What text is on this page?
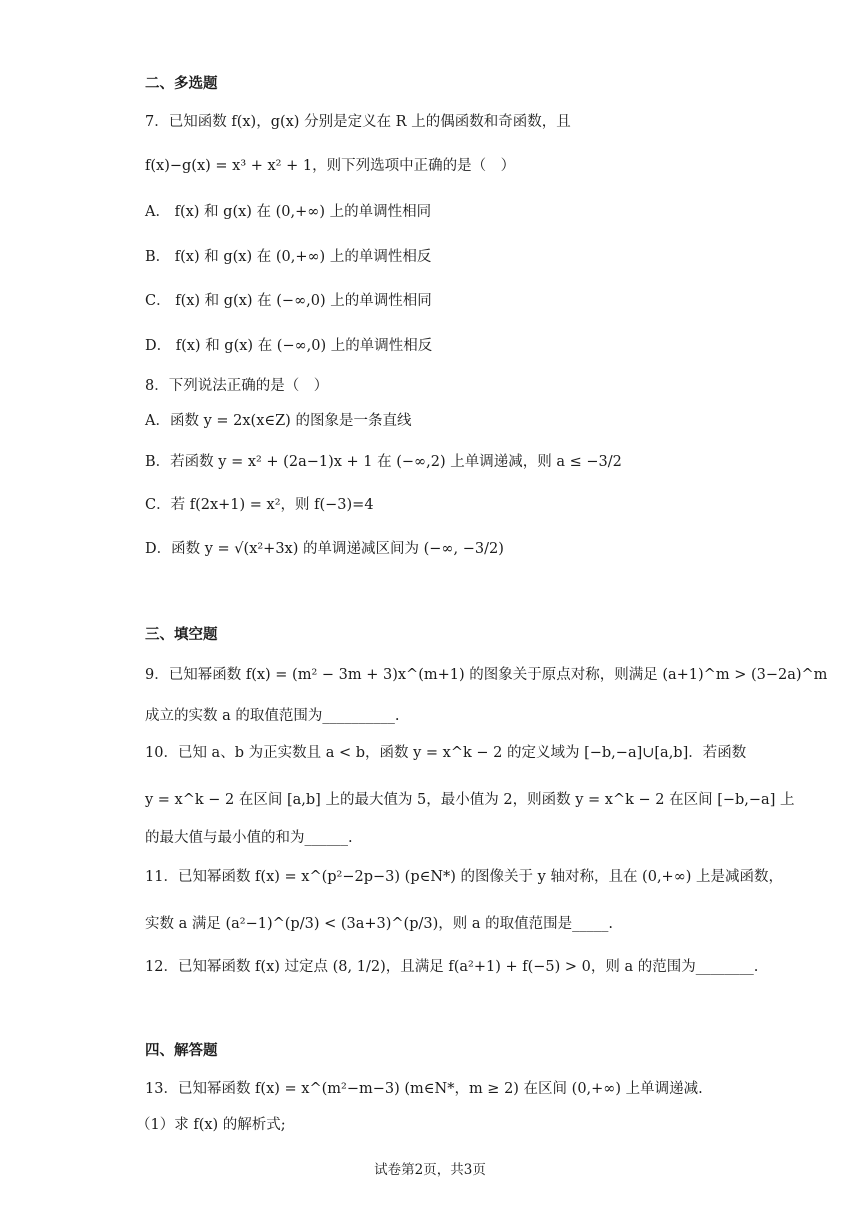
二、多选题
7．已知函数 f(x)，g(x) 分别是定义在 R 上的偶函数和奇函数，且
f(x)−g(x) = x³ + x² + 1，则下列选项中正确的是（　）
A． f(x) 和 g(x) 在 (0,+∞) 上的单调性相同
B． f(x) 和 g(x) 在 (0,+∞) 上的单调性相反
C． f(x) 和 g(x) 在 (−∞,0) 上的单调性相同
D． f(x) 和 g(x) 在 (−∞,0) 上的单调性相反
8．下列说法正确的是（　）
A．函数 y = 2x(x∈Z) 的图象是一条直线
B．若函数 y = x² + (2a−1)x + 1 在 (−∞,2) 上单调递减，则 a ≤ −3/2
C．若 f(2x+1) = x²，则 f(−3)=4
D．函数 y = √(x²+3x) 的单调递减区间为 (−∞, −3/2)
三、填空题
9．已知幂函数 f(x) = (m² − 3m + 3)x^(m+1) 的图象关于原点对称，则满足 (a+1)^m > (3−2a)^m
成立的实数 a 的取值范围为__________.
10．已知 a、b 为正实数且 a < b，函数 y = x^k − 2 的定义域为 [−b,−a]∪[a,b]．若函数
y = x^k − 2 在区间 [a,b] 上的最大值为 5，最小值为 2，则函数 y = x^k − 2 在区间 [−b,−a] 上
的最大值与最小值的和为______.
11．已知幂函数 f(x) = x^(p²−2p−3) (p∈N*) 的图像关于 y 轴对称，且在 (0,+∞) 上是减函数，
实数 a 满足 (a²−1)^(p/3) < (3a+3)^(p/3)，则 a 的取值范围是_____.
12．已知幂函数 f(x) 过定点 (8, 1/2)，且满足 f(a²+1) + f(−5) > 0，则 a 的范围为________.
四、解答题
13．已知幂函数 f(x) = x^(m²−m−3) (m∈N*，m ≥ 2) 在区间 (0,+∞) 上单调递减.
（1）求 f(x) 的解析式;
试卷第2页，共3页
